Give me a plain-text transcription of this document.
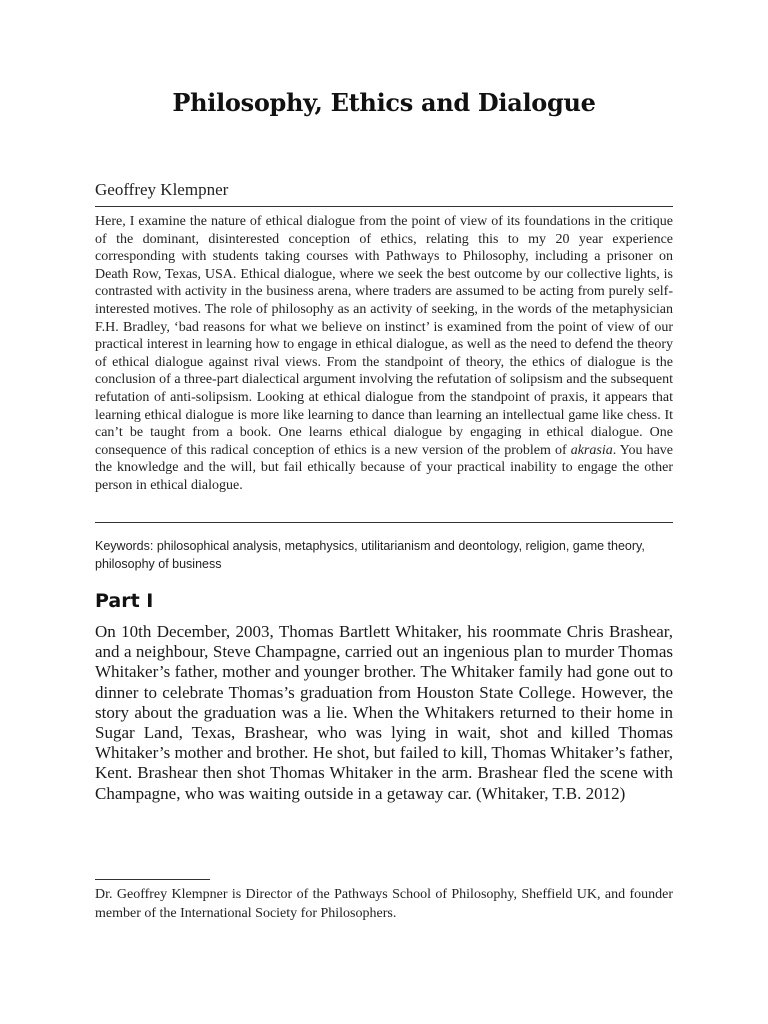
Philosophy, Ethics and Dialogue
Geoffrey Klempner

Here, I examine the nature of ethical dialogue from the point of view of its foundations in the critique of the dominant, disinterested conception of ethics, relating this to my 20 year experience corresponding with students taking courses with Pathways to Philosophy, including a prisoner on Death Row, Texas, USA. Ethical dialogue, where we seek the best outcome by our collective lights, is contrasted with activity in the business arena, where traders are assumed to be acting from purely self-interested motives. The role of philosophy as an activity of seeking, in the words of the metaphysician F.H. Bradley, ‘bad reasons for what we believe on instinct’ is examined from the point of view of our practical interest in learning how to engage in ethical dialogue, as well as the need to defend the theory of ethical dialogue against rival views. From the standpoint of theory, the ethics of dialogue is the conclusion of a three-part dialectical argument involving the refutation of solipsism and the subsequent refutation of anti-solipsism. Looking at ethical dialogue from the standpoint of praxis, it appears that learning ethical dialogue is more like learning to dance than learning an intellectual game like chess. It can’t be taught from a book. One learns ethical dialogue by engaging in ethical dialogue. One consequence of this radical conception of ethics is a new version of the problem of akrasia. You have the knowledge and the will, but fail ethically because of your practical inability to engage the other person in ethical dialogue.

Keywords: philosophical analysis, metaphysics, utilitarianism and deontology, religion, game theory, philosophy of business

Part I

On 10th December, 2003, Thomas Bartlett Whitaker, his roommate Chris Brashear, and a neighbour, Steve Champagne, carried out an ingenious plan to murder Thomas Whitaker’s father, mother and younger brother. The Whitaker family had gone out to dinner to celebrate Thomas’s graduation from Houston State College. However, the story about the graduation was a lie. When the Whitakers returned to their home in Sugar Land, Texas, Brashear, who was lying in wait, shot and killed Thomas Whitaker’s mother and brother. He shot, but failed to kill, Thomas Whitaker’s father, Kent. Brashear then shot Thomas Whitaker in the arm. Brashear fled the scene with Champagne, who was waiting outside in a getaway car. (Whitaker, T.B. 2012)

Dr. Geoffrey Klempner is Director of the Pathways School of Philosophy, Sheffield UK, and founder member of the International Society for Philosophers.
